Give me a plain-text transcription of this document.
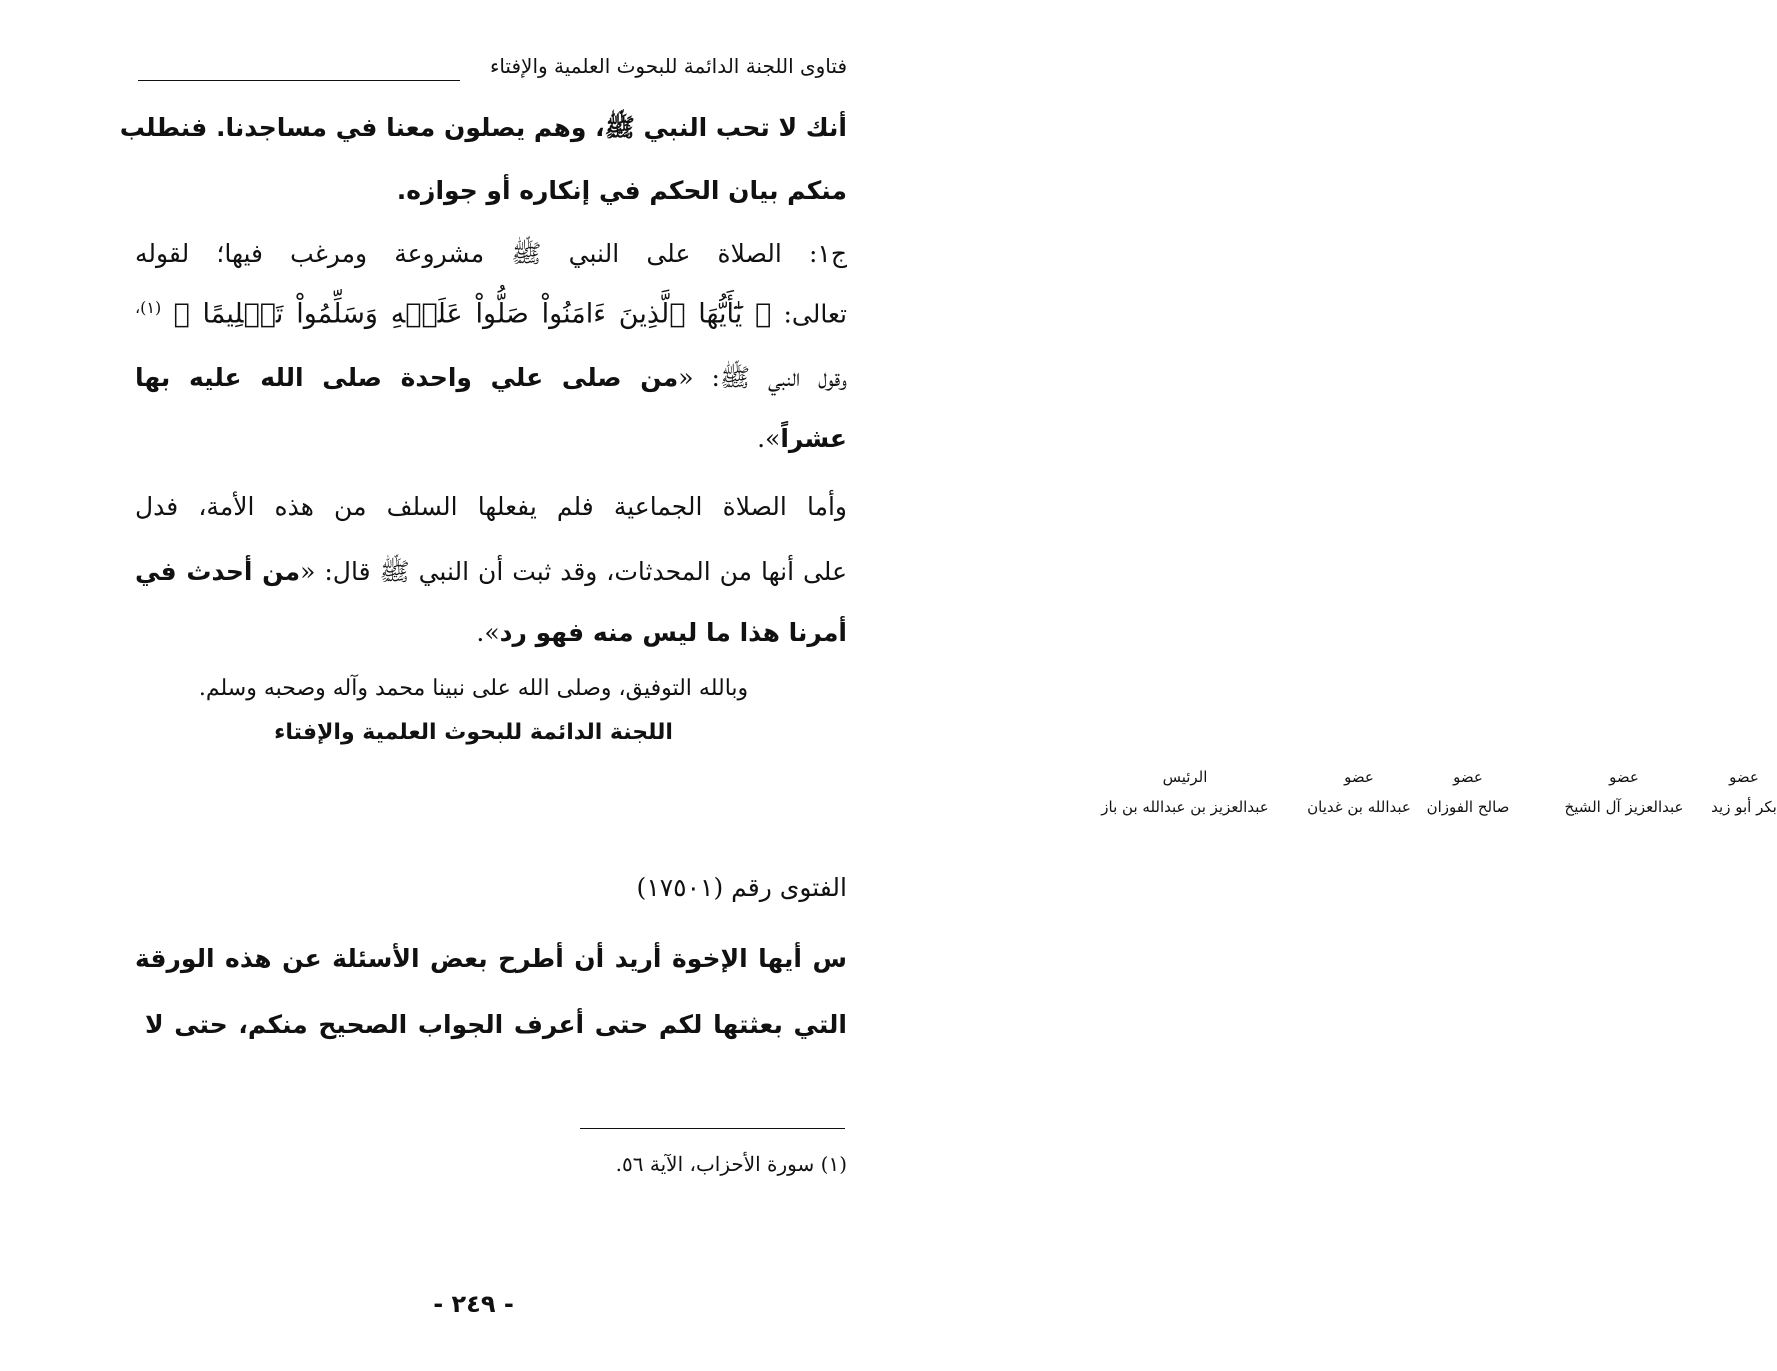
فتاوى اللجنة الدائمة للبحوث العلمية والإفتاء
أنك لا تحب النبي ﷺ، وهم يصلون معنا في مساجدنا. فنطلب
منكم بيان الحكم في إنكاره أو جوازه.
ج١: الصلاة على النبي ﷺ مشروعة ومرغب فيها؛ لقوله
تعالى: ﴿ يَٰٓأَيُّهَا ٱلَّذِينَ ءَامَنُواْ صَلُّواْ عَلَيۡهِ وَسَلِّمُواْ تَسۡلِيمًا ﴾ $^{(١)،}$
وقول النبي ﷺ: «من صلى علي واحدة صلى الله عليه بها
عشراً».
وأما الصلاة الجماعية فلم يفعلها السلف من هذه الأمة، فدل
على أنها من المحدثات، وقد ثبت أن النبي ﷺ قال: «من أحدث في
أمرنا هذا ما ليس منه فهو رد».
وبالله التوفيق، وصلى الله على نبينا محمد وآله وصحبه وسلم.
اللجنة الدائمة للبحوث العلمية والإفتاء
عضو
بكر أبو زيد
عضو
عبدالعزيز آل الشيخ
عضو
صالح الفوزان
عضو
عبدالله بن غديان
الرئيس
عبدالعزيز بن عبدالله بن باز
الفتوى رقم (١٧٥٠١)
س أيها الإخوة أريد أن أطرح بعض الأسئلة عن هذه الورقة
التي بعثتها لكم حتى أعرف الجواب الصحيح منكم، حتى لا
(١) سورة الأحزاب، الآية ٥٦.
- ٢٤٩ -
